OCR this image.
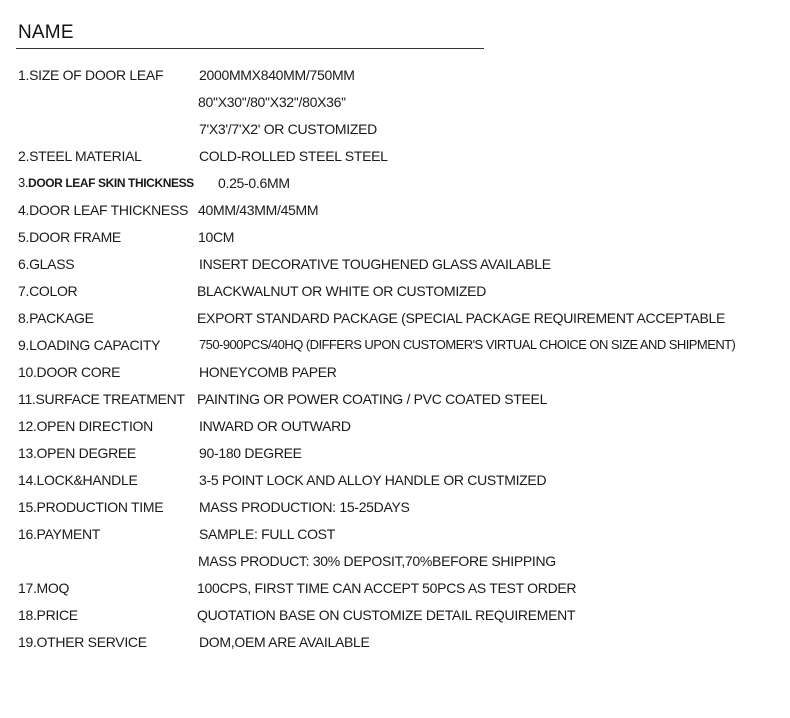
NAME
1.SIZE OF DOOR LEAF	2000MMX840MM/750MM
80''X30''/80''X32''/80X36''
7'X3'/7'X2' OR CUSTOMIZED
2.STEEL MATERIAL	COLD-ROLLED STEEL STEEL
3.DOOR LEAF SKIN THICKNESS 0.25-0.6MM
4.DOOR LEAF THICKNESS 40MM/43MM/45MM
5.DOOR FRAME	10CM
6.GLASS	INSERT DECORATIVE TOUGHENED GLASS AVAILABLE
7.COLOR	BLACKWALNUT OR WHITE OR CUSTOMIZED
8.PACKAGE	EXPORT STANDARD PACKAGE (SPECIAL PACKAGE REQUIREMENT ACCEPTABLE
9.LOADING CAPACITY	750-900PCS/40HQ (DIFFERS UPON CUSTOMER'S VIRTUAL CHOICE ON SIZE AND SHIPMENT)
10.DOOR CORE	HONEYCOMB PAPER
11.SURFACE TREATMENT PAINTING OR POWER COATING / PVC COATED STEEL
12.OPEN DIRECTION	INWARD OR OUTWARD
13.OPEN DEGREE	90-180 DEGREE
14.LOCK&HANDLE	3-5 POINT LOCK AND ALLOY HANDLE OR CUSTMIZED
15.PRODUCTION TIME	MASS PRODUCTION: 15-25DAYS
16.PAYMENT	SAMPLE: FULL COST
MASS PRODUCT: 30% DEPOSIT,70%BEFORE SHIPPING
17.MOQ	100CPS, FIRST TIME CAN ACCEPT 50PCS AS TEST ORDER
18.PRICE	QUOTATION BASE ON CUSTOMIZE DETAIL REQUIREMENT
19.OTHER SERVICE	DOM,OEM ARE AVAILABLE
